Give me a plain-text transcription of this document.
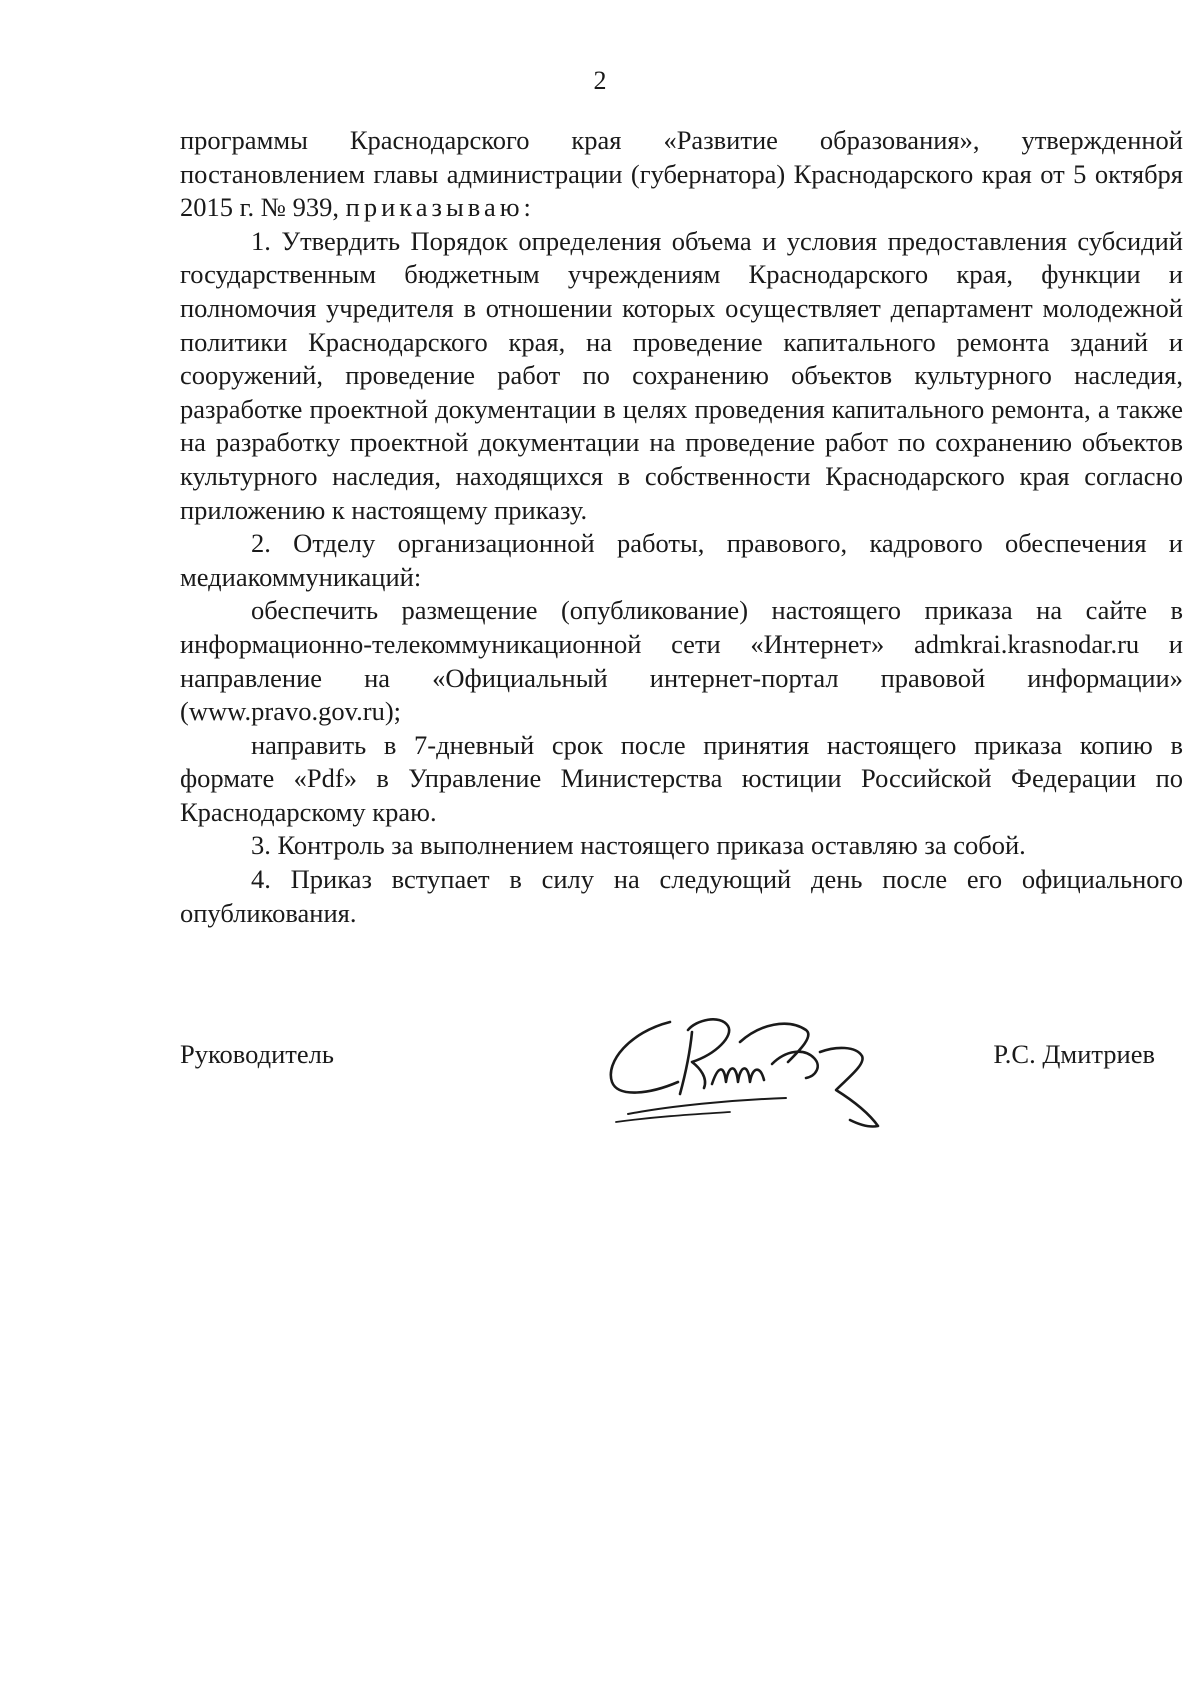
2

программы Краснодарского края «Развитие образования», утвержденной постановлением главы администрации (губернатора) Краснодарского края от 5 октября 2015 г. № 939, приказываю:

1. Утвердить Порядок определения объема и условия предоставления субсидий государственным бюджетным учреждениям Краснодарского края, функции и полномочия учредителя в отношении которых осуществляет департамент молодежной политики Краснодарского края, на проведение капитального ремонта зданий и сооружений, проведение работ по сохранению объектов культурного наследия, разработке проектной документации в целях проведения капитального ремонта, а также на разработку проектной документации на проведение работ по сохранению объектов культурного наследия, находящихся в собственности Краснодарского края согласно приложению к настоящему приказу.

2. Отделу организационной работы, правового, кадрового обеспечения и медиакоммуникаций:

обеспечить размещение (опубликование) настоящего приказа на сайте в информационно-телекоммуникационной сети «Интернет» admkrai.krasnodar.ru и направление на «Официальный интернет-портал правовой информации» (www.pravo.gov.ru);

направить в 7-дневный срок после принятия настоящего приказа копию в формате «Pdf» в Управление Министерства юстиции Российской Федерации по Краснодарскому краю.

3. Контроль за выполнением настоящего приказа оставляю за собой.

4. Приказ вступает в силу на следующий день после его официального опубликования.

Руководитель	Р.С. Дмитриев
